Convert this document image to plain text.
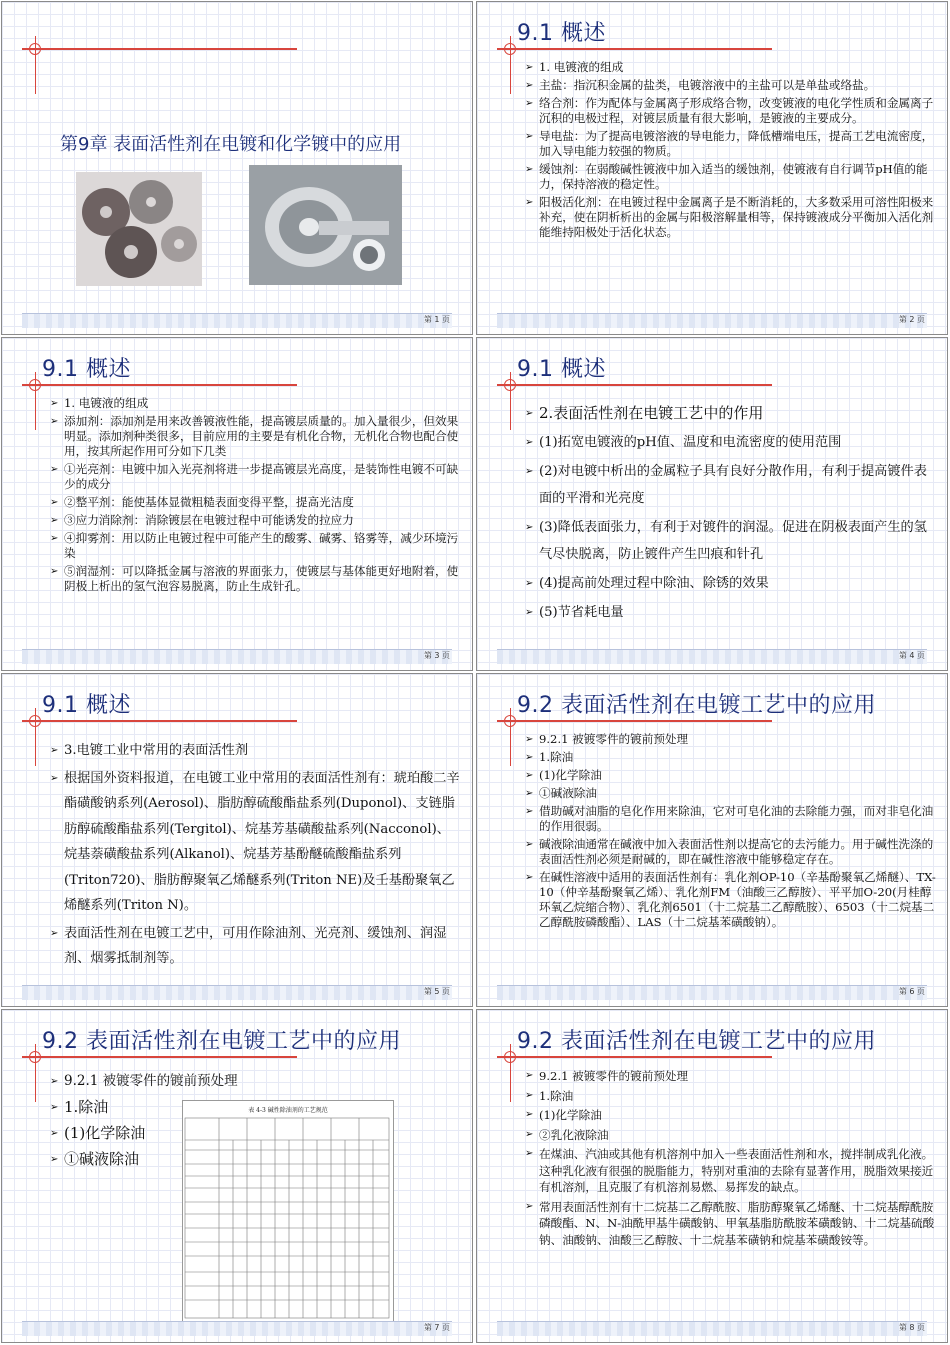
第9章 表面活性剂在电镀和化学镀中的应用
第 1 页
9.1 概述
➢ 1. 电镀液的组成
➢ 主盐：指沉积金属的盐类，电镀溶液中的主盐可以是单盐或络盐。
➢ 络合剂：作为配体与金属离子形成络合物，改变镀液的电化学性质和金属离子沉积的电极过程，对镀层质量有很大影响，是镀液的主要成分。
➢ 导电盐：为了提高电镀溶液的导电能力，降低槽端电压，提高工艺电流密度，加入导电能力较强的物质。
➢ 缓蚀剂：在弱酸碱性镀液中加入适当的缓蚀剂，使镀液有自行调节pH值的能力，保持溶液的稳定性。
➢ 阳极活化剂：在电镀过程中金属离子是不断消耗的，大多数采用可溶性阳极来补充，使在阴析析出的金属与阳极溶解量相等，保持镀液成分平衡加入活化剂能维持阳极处于活化状态。
第 2 页
9.1 概述
➢ 1. 电镀液的组成
➢ 添加剂：添加剂是用来改善镀液性能，提高镀层质量的。加入量很少，但效果明显。添加剂种类很多，目前应用的主要是有机化合物，无机化合物也配合使用，按其所起作用可分如下几类
➢ ①光亮剂：电镀中加入光亮剂将进一步提高镀层光高度，是装饰性电镀不可缺少的成分
➢ ②整平剂：能使基体显微粗糙表面变得平整，提高光洁度
➢ ③应力消除剂：消除镀层在电镀过程中可能诱发的拉应力
➢ ④抑雾剂：用以防止电镀过程中可能产生的酸雾、碱雾、铬雾等，减少环境污染
➢ ⑤润湿剂：可以降抵金属与溶液的界面张力，使镀层与基体能更好地附着，使阴极上析出的氢气泡容易脱离，防止生成针孔。
第 3 页
9.1 概述
➢ 2.表面活性剂在电镀工艺中的作用
➢ (1)拓宽电镀液的pH值、温度和电流密度的使用范围
➢ (2)对电镀中析出的金属粒子具有良好分散作用，有利于提高镀件表面的平滑和光亮度
➢ (3)降低表面张力，有利于对镀件的润湿。促进在阴极表面产生的氢气尽快脱离，防止镀件产生凹痕和针孔
➢ (4)提高前处理过程中除油、除锈的效果
➢ (5)节省耗电量
第 4 页
9.1 概述
➢ 3.电镀工业中常用的表面活性剂
➢ 根据国外资料报道，在电镀工业中常用的表面活性剂有：琥珀酸二辛酯磺酸钠系列(Aerosol)、脂肪醇硫酸酯盐系列(Duponol)、支链脂肪醇硫酸酯盐系列(Tergitol)、烷基芳基磺酸盐系列(Nacconol)、烷基萘磺酸盐系列(Alkanol)、烷基芳基酚醚硫酸酯盐系列(Triton720)、脂肪醇聚氧乙烯醚系列(Triton NE)及壬基酚聚氧乙烯醚系列(Triton N)。
➢ 表面活性剂在电镀工艺中，可用作除油剂、光亮剂、缓蚀剂、润湿剂、烟雾抵制剂等。
第 5 页
9.2 表面活性剂在电镀工艺中的应用
➢ 9.2.1 被镀零件的镀前预处理
➢ 1.除油
➢ (1)化学除油
➢ ①碱液除油
➢ 借助碱对油脂的皂化作用来除油，它对可皂化油的去除能力强，而对非皂化油的作用很弱。
➢ 碱液除油通常在碱液中加入表面活性剂以提高它的去污能力。用于碱性洗涤的表面活性剂必须是耐碱的，即在碱性溶液中能够稳定存在。
➢ 在碱性溶液中适用的表面活性剂有：乳化剂OP-10（辛基酚聚氧乙烯醚）、TX-10（仲辛基酚聚氧乙烯）、乳化剂FM（油酸三乙醇胺）、平平加O-20(月桂醇环氧乙烷缩合物）、乳化剂6501（十二烷基二乙醇酰胺）、6503（十二烷基二乙醇酰胺磷酸酯）、LAS（十二烷基苯磺酸钠）。
第 6 页
9.2 表面活性剂在电镀工艺中的应用
➢ 9.2.1 被镀零件的镀前预处理
➢ 1.除油
➢ (1)化学除油
➢ ①碱液除油
表 4-3 碱性除油剂的工艺规范
第 7 页
9.2 表面活性剂在电镀工艺中的应用
➢ 9.2.1 被镀零件的镀前预处理
➢ 1.除油
➢ (1)化学除油
➢ ②乳化液除油
➢ 在煤油、汽油或其他有机溶剂中加入一些表面活性剂和水，搅拌制成乳化液。这种乳化液有很强的脱脂能力，特别对重油的去除有显著作用，脱脂效果接近有机溶剂，且克服了有机溶剂易燃、易挥发的缺点。
➢ 常用表面活性剂有十二烷基二乙醇酰胺、脂肪醇聚氧乙烯醚、十二烷基醇酰胺磷酸酯、N、N-油酰甲基牛磺酸钠、甲氧基脂肪酰胺苯磺酸钠、十二烷基硫酸钠、油酸钠、油酸三乙醇胺、十二烷基苯磺钠和烷基苯磺酸铵等。
第 8 页
